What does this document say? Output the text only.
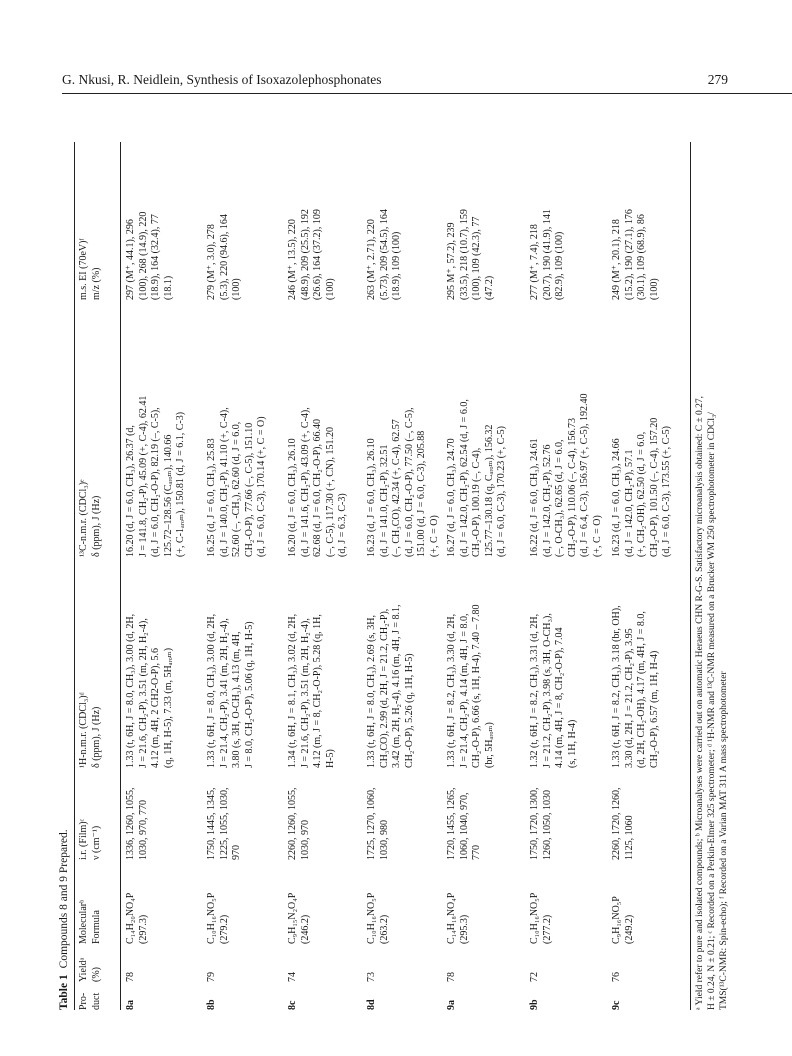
G. Nkusi, R. Neidlein, Synthesis of Isoxazolephosphonates	279
Table 1Compounds 8 and 9 Prepared.
Pro- duct
Yieldᵃ (%)
Molecularᵇ Formula
i.r. (Film)ᶜ ν (cm⁻¹)
¹H-n.m.r. (CDCl₃)ᵈ δ (ppm), J (Hz)
¹³C-n.m.r. (CDCl₃)ᵉ δ (ppm), J (Hz)
m.s. EI (70eV)ᶠ m/z (%)
8a
78
C₁₄H₂₀NO₄P (297.3)
1336, 1260, 1055, 1030, 970, 770
1.33 (t, 6H, J = 8.0, CH₃), 3.00 (d, 2H, J = 21.6, CH₂-P), 3.51 (m, 2H, H₂-4), 4.12 (m, 4H, 2 CH2-O-P), 5.6 (q, 1H, H-5), 7.33 (m, 5Hₐᵣₒₘ)
16.20 (d, J = 6.0, CH₃), 26.37 (d, J = 141.8, CH₂-P), 45.09 (+, C-4), 62.41 (d, J = 6.0, CH₂-O-P), 82.19 (–, C-5), 125.72–128.56 (Cₐᵣₒₘ), 140.66 (+, C-1ₐᵣₒₘ), 150.81 (d, J = 6.1, C-3)
297 (M⁺, 44.1), 296 (100), 268 (14.9), 220 (18.9), 164 (32.4), 77 (18.1)
8b
79
C₁₀H₁₆NO₅P (279.2)
1750, 1445, 1345, 1225, 1055, 1030, 970
1.33 (t, 6H, J = 8.0, CH₃), 3.00 (d, 2H, J = 21.4, CH₂-P), 3.41 (m, 2H, H₂-4), 3.80 (s, 3H, O-CH₃), 4.13 (m, 4H, J = 8.0, CH₂-O-P), 5.06 (q, 1H, H-5)
16.25 (d, J = 6.0, CH₃), 25.83 (d, J = 140.0, CH₂-P), 41.10 (+, C-4), 52.60 (–, -CH₃), 62.60 (d, J = 6.0, CH₂-O-P), 77.66 (–, C-5), 151.10 (d, J = 6.0, C-3), 170.14 (+, C = O)
279 (M⁺, 3.0), 278 (5.3), 220 (94.6), 164 (100)
8c
74
C₉H₁₅N₂O₄P (246.2)
2260, 1260, 1055, 1030, 970
1.34 (t, 6H, J = 8.1, CH₃), 3.02 (d, 2H, J = 21.6, CH₂-P), 3.51 (m, 2H, H₂-4), 4.12 (m, J = 8, CH₂-O-P), 5.28 (q, 1H, H-5)
16.20 (d, J = 6.0, CH₃), 26.10 (d, J = 141.6, CH₂-P), 43.09 (+, C-4), 62.68 (d, J = 6.0, CH₂-O-P), 66.40 (–, C-5), 117.30 (+, CN), 151.20 (d, J = 6.3, C-3)
246 (M⁺, 13.5), 220 (48.9), 209 (25.5), 192 (26.6), 164 (37.2), 109 (100)
8d
73
C₁₀H₁₆NO₅P (263.2)
1725, 1270, 1060, 1030, 980
1.33 (t, 6H, J = 8.0, CH₃), 2.69 (s, 3H, CH₃CO), 2.99 (d, 2H, J = 21.2, CH₂-P), 3.42 (m, 2H, H₂-4), 4.16 (m, 4H, J = 8.1, CH₂-O-P), 5.26 (q, 1H, H-5)
16.23 (d, J = 6.0, CH₃), 26.10 (d, J = 141.0, CH₂-P), 32.51 (–, CH₃CO), 42.34 (+, C-4), 62.57 (d, J = 6.0, CH₂-O-P), 77.50 (–, C-5), 151.00 (d, J = 6.0, C-3), 205.88 (+, C = O)
263 (M⁺, 2.71), 220 (5.73), 209 (54.5), 164 (18.9), 109 (100)
9a
78
C₁₄H₁₈NO₄P (295.3)
1720, 1455, 1265, 1060, 1040, 970, 770
1.33 (t, 6H, J = 8.2, CH₃), 3.30 (d, 2H, J = 21.4, CH₂-P), 4.14 (m, 4H, J = 8.0, CH₂-O-P), 6.66 (s, 1H, H-4), 7.40 – 7.80 (br, 5Hₐᵣₒₘ)
16.27 (d, J = 6.0, CH₃), 24.70 (d, J = 142.0, CH₂-P), 62.54 (d, J = 6.0, CH₂-O-P), 100.19 (–, C-4), 125.77–130.18 (q, Cₐᵣₒₘ), 156.32 (d, J = 6.0, C-3), 170.23 (+, C-5)
295 M⁺, 57.2), 239 (33.5), 218 (10.7), 159 (100), 109 (42.3), 77 (47.2)
9b
72
C₁₀H₁₆NO₅P (277.2)
1750, 1720, 1300, 1260, 1050, 1030
1.32 (t, 6H, J = 8.2, CH₃), 3.31 (d, 2H, J = 21.2, CH₂-P), 3.98 (s, 3H, O-CH₃), 4.14 (m, 4H, J = 8, CH₂-O-P), 7.04 (s, 1H, H-4)
16.22 (d, J = 6.0, CH₃), 24.61 (d, J = 142.0, CH₂-P), 52.76 (–, O-CH₃), 62.65 (d, J = 6.0, CH₂-O-P), 110.06 (–, C-4), 156.73 (d, J = 6.4, C-3), 156.97 (+, C-5), 192.40 (+, C = O)
277 (M⁺, 7.4), 218 (20.7), 190 (41.9), 141 (82.9), 109 (100)
9c
76
C₉H₁₆NO₅P (249.2)
2260, 1720, 1260, 1125, 1060
1.33 (t, 6H, J = 8.2, CH₃), 3.18 (br, OH), 3.30 (d, 2H, J = 21.2, CH₂-P), 3.95 (d, 2H, CH₂-OH), 4.17 (m, 4H, J = 8.0, CH₂-O-P), 6.57 (m, 1H, H-4)
16.23 (d, J = 6.0, CH₃), 24.66 (d, J = 142.0, CH₂-P), 57.1 (+, CH₂-OH), 62.50 (d, J = 6.0, CH₂-O-P), 101.50 (–, C-4), 157.20 (d, J = 6.0, C-3), 173.55 (+, C-5)
249 (M⁺, 20.1), 218 (15.2), 190 (27.1), 176 (30.1), 109 (68.9), 86 (100)
ᵃ Yield refer to pure and isolated compounds; ᵇ Microanalyses were carried out on automatic Heraeus CHN R-G-S. Satisfactory microanalysis obtained: C ± 0.27, H ± 0.24, N ± 0.21; ᶜ Recorded on a Perkin-Elmer 325 spectrometer; ᵈ ¹H-NMR and ¹³C-NMR measured on a Brucker WM 250 spectrophotometer in CDCl₃/ TMS(¹³C-NMR: Spin-echo); ᶠ Recorded on a Varian MAT 311 A mass spectrophotometer
